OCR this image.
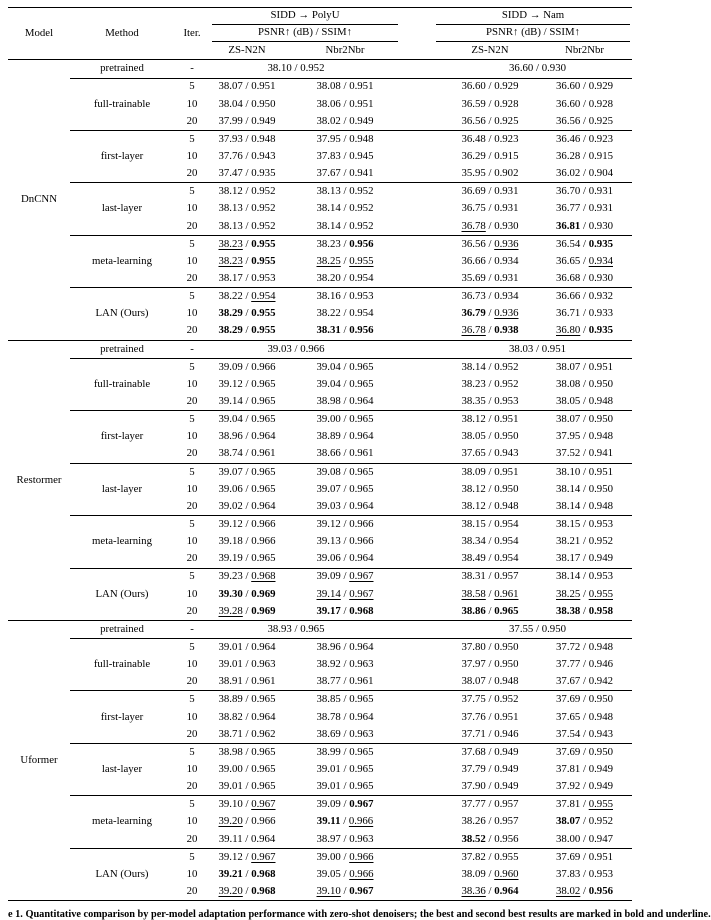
Model	Method	Iter.	SIDD → PolyU		SIDD → Nam	

			PSNR↑ (dB) / SSIM↑		PSNR↑ (dB) / SSIM↑	

			ZS-N2N	Nbr2Nbr	ZS-N2N	Nbr2Nbr
DnCNN	pretrained	-	38.10 / 0.952		36.60 / 0.930	
	full-trainable	5	38.07 / 0.951	38.08 / 0.951	36.60 / 0.929	36.60 / 0.929
		10	38.04 / 0.950	38.06 / 0.951	36.59 / 0.928	36.60 / 0.928
		20	37.99 / 0.949	38.02 / 0.949	36.56 / 0.925	36.56 / 0.925
	first-layer	5	37.93 / 0.948	37.95 / 0.948	36.48 / 0.923	36.46 / 0.923
		10	37.76 / 0.943	37.83 / 0.945	36.29 / 0.915	36.28 / 0.915
		20	37.47 / 0.935	37.67 / 0.941	35.95 / 0.902	36.02 / 0.904
	last-layer	5	38.12 / 0.952	38.13 / 0.952	36.69 / 0.931	36.70 / 0.931
		10	38.13 / 0.952	38.14 / 0.952	36.75 / 0.931	36.77 / 0.931
		20	38.13 / 0.952	38.14 / 0.952	36.78 / 0.930	36.81 / 0.930
	meta-learning	5	38.23 / 0.955	38.23 / 0.956	36.56 / 0.936	36.54 / 0.935
		10	38.23 / 0.955	38.25 / 0.955	36.66 / 0.934	36.65 / 0.934
		20	38.17 / 0.953	38.20 / 0.954	35.69 / 0.931	36.68 / 0.930
	LAN (Ours)	5	38.22 / 0.954	38.16 / 0.953	36.73 / 0.934	36.66 / 0.932
		10	38.29 / 0.955	38.22 / 0.954	36.79 / 0.936	36.71 / 0.933
		20	38.29 / 0.955	38.31 / 0.956	36.78 / 0.938	36.80 / 0.935
Restormer	pretrained	-	39.03 / 0.966		38.03 / 0.951	
	full-trainable	5	39.09 / 0.966	39.04 / 0.965	38.14 / 0.952	38.07 / 0.951
		10	39.12 / 0.965	39.04 / 0.965	38.23 / 0.952	38.08 / 0.950
		20	39.14 / 0.965	38.98 / 0.964	38.35 / 0.953	38.05 / 0.948
	first-layer	5	39.04 / 0.965	39.00 / 0.965	38.12 / 0.951	38.07 / 0.950
		10	38.96 / 0.964	38.89 / 0.964	38.05 / 0.950	37.95 / 0.948
		20	38.74 / 0.961	38.66 / 0.961	37.65 / 0.943	37.52 / 0.941
	last-layer	5	39.07 / 0.965	39.08 / 0.965	38.09 / 0.951	38.10 / 0.951
		10	39.06 / 0.965	39.07 / 0.965	38.12 / 0.950	38.14 / 0.950
		20	39.02 / 0.964	39.03 / 0.964	38.12 / 0.948	38.14 / 0.948
	meta-learning	5	39.12 / 0.966	39.12 / 0.966	38.15 / 0.954	38.15 / 0.953
		10	39.18 / 0.966	39.13 / 0.966	38.34 / 0.954	38.21 / 0.952
		20	39.19 / 0.965	39.06 / 0.964	38.49 / 0.954	38.17 / 0.949
	LAN (Ours)	5	39.23 / 0.968	39.09 / 0.967	38.31 / 0.957	38.14 / 0.953
		10	39.30 / 0.969	39.14 / 0.967	38.58 / 0.961	38.25 / 0.955
		20	39.28 / 0.969	39.17 / 0.968	38.86 / 0.965	38.38 / 0.958
Uformer	pretrained	-	38.93 / 0.965		37.55 / 0.950	
	full-trainable	5	39.01 / 0.964	38.96 / 0.964	37.80 / 0.950	37.72 / 0.948
		10	39.01 / 0.963	38.92 / 0.963	37.97 / 0.950	37.77 / 0.946
		20	38.91 / 0.961	38.77 / 0.961	38.07 / 0.948	37.67 / 0.942
	first-layer	5	38.89 / 0.965	38.85 / 0.965	37.75 / 0.952	37.69 / 0.950
		10	38.82 / 0.964	38.78 / 0.964	37.76 / 0.951	37.65 / 0.948
		20	38.71 / 0.962	38.69 / 0.963	37.71 / 0.946	37.54 / 0.943
	last-layer	5	38.98 / 0.965	38.99 / 0.965	37.68 / 0.949	37.69 / 0.950
		10	39.00 / 0.965	39.01 / 0.965	37.79 / 0.949	37.81 / 0.949
		20	39.01 / 0.965	39.01 / 0.965	37.90 / 0.949	37.92 / 0.949
	meta-learning	5	39.10 / 0.967	39.09 / 0.967	37.77 / 0.957	37.81 / 0.955
		10	39.20 / 0.966	39.11 / 0.966	38.26 / 0.957	38.07 / 0.952
		20	39.11 / 0.964	38.97 / 0.963	38.52 / 0.956	38.00 / 0.947
	LAN (Ours)	5	39.12 / 0.967	39.00 / 0.966	37.82 / 0.955	37.69 / 0.951
		10	39.21 / 0.968	39.05 / 0.966	38.09 / 0.960	37.83 / 0.953
		20	39.20 / 0.968	39.10 / 0.967	38.36 / 0.964	38.02 / 0.956
e 1. Quantitative comparison by per-model adaptation performance with zero-shot denoisers; the best and second best results are marked in bold and underline.
